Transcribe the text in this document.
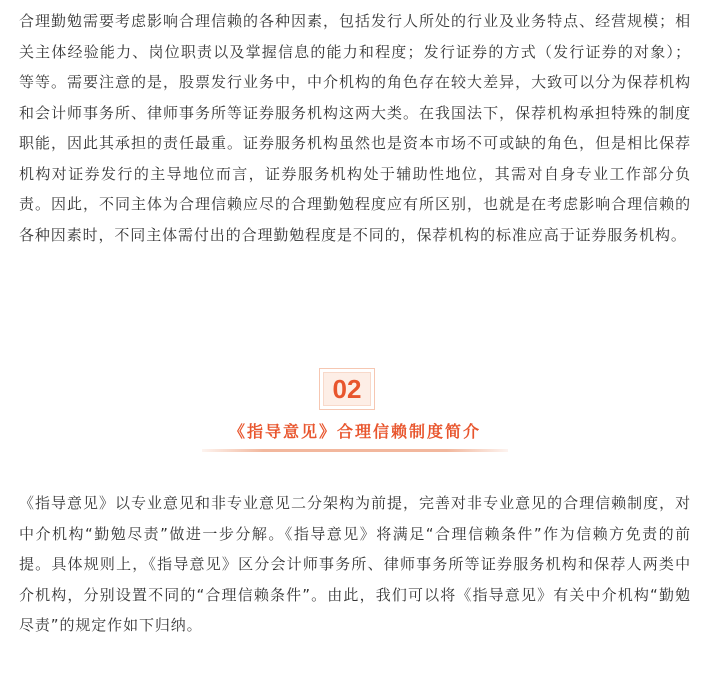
合理勤勉需要考虑影响合理信赖的各种因素，包括发行人所处的行业及业务特点、经营规模；相关主体经验能力、岗位职责以及掌握信息的能力和程度；发行证券的方式（发行证券的对象）；等等。需要注意的是，股票发行业务中，中介机构的角色存在较大差异，大致可以分为保荐机构和会计师事务所、律师事务所等证券服务机构这两大类。在我国法下，保荐机构承担特殊的制度职能，因此其承担的责任最重。证券服务机构虽然也是资本市场不可或缺的角色，但是相比保荐机构对证券发行的主导地位而言，证券服务机构处于辅助性地位，其需对自身专业工作部分负责。因此，不同主体为合理信赖应尽的合理勤勉程度应有所区别，也就是在考虑影响合理信赖的各种因素时，不同主体需付出的合理勤勉程度是不同的，保荐机构的标准应高于证券服务机构。

02
《指导意见》合理信赖制度简介

《指导意见》以专业意见和非专业意见二分架构为前提，完善对非专业意见的合理信赖制度，对中介机构“勤勉尽责”做进一步分解。《指导意见》将满足“合理信赖条件”作为信赖方免责的前提。具体规则上，《指导意见》区分会计师事务所、律师事务所等证券服务机构和保荐人两类中介机构，分别设置不同的“合理信赖条件”。由此，我们可以将《指导意见》有关中介机构“勤勉尽责”的规定作如下归纳。
